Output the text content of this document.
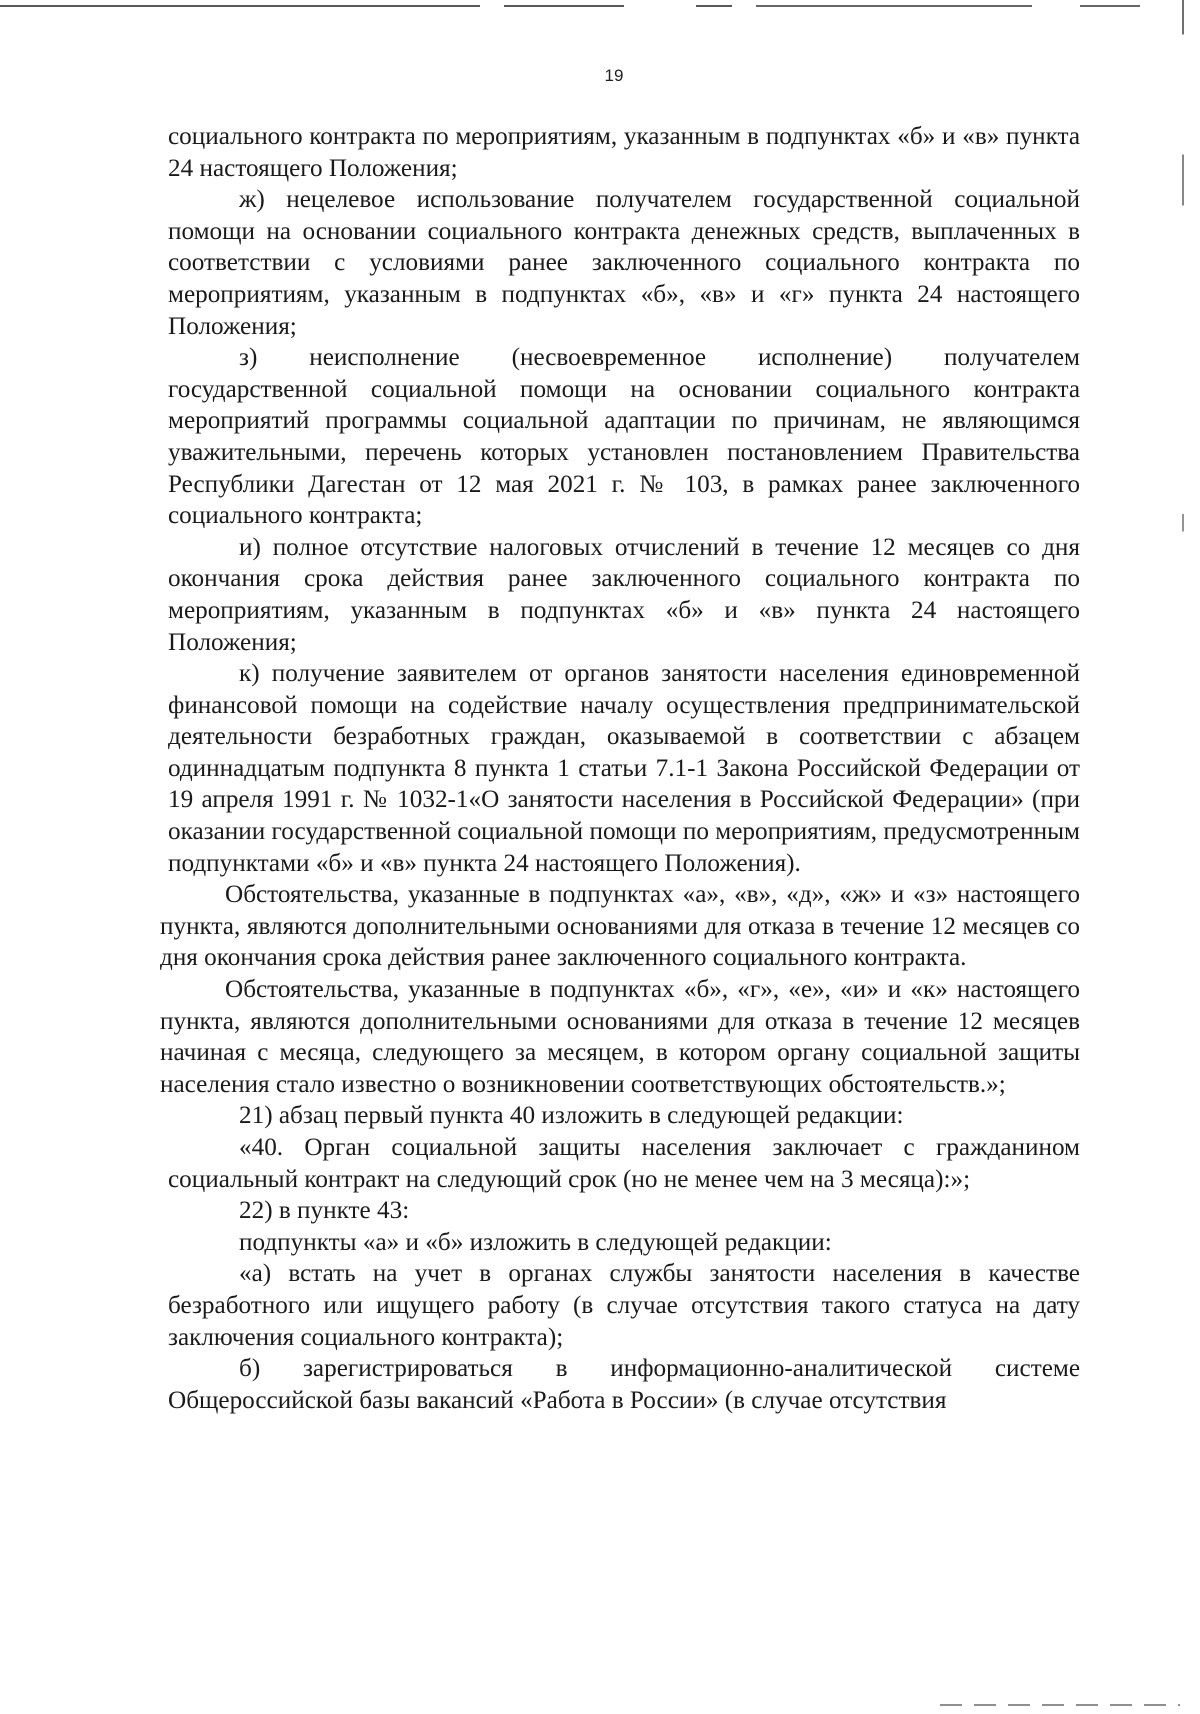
19

социального контракта по мероприятиям, указанным в подпунктах «б» и «в» пункта 24 настоящего Положения;

ж) нецелевое использование получателем государственной социальной помощи на основании социального контракта денежных средств, выплаченных в соответствии с условиями ранее заключенного социального контракта по мероприятиям, указанным в подпунктах «б», «в» и «г» пункта 24 настоящего Положения;

з) неисполнение (несвоевременное исполнение) получателем государственной социальной помощи на основании социального контракта мероприятий программы социальной адаптации по причинам, не являющимся уважительными, перечень которых установлен постановлением Правительства Республики Дагестан от 12 мая 2021 г. № 103, в рамках ранее заключенного социального контракта;

и) полное отсутствие налоговых отчислений в течение 12 месяцев со дня окончания срока действия ранее заключенного социального контракта по мероприятиям, указанным в подпунктах «б» и «в» пункта 24 настоящего Положения;

к) получение заявителем от органов занятости населения единовременной финансовой помощи на содействие началу осуществления предпринимательской деятельности безработных граждан, оказываемой в соответствии с абзацем одиннадцатым подпункта 8 пункта 1 статьи 7.1-1 Закона Российской Федерации от 19 апреля 1991 г. № 1032-1«О занятости населения в Российской Федерации» (при оказании государственной социальной помощи по мероприятиям, предусмотренным подпунктами «б» и «в» пункта 24 настоящего Положения).

Обстоятельства, указанные в подпунктах «а», «в», «д», «ж» и «з» настоящего пункта, являются дополнительными основаниями для отказа в течение 12 месяцев со дня окончания срока действия ранее заключенного социального контракта.

Обстоятельства, указанные в подпунктах «б», «г», «е», «и» и «к» настоящего пункта, являются дополнительными основаниями для отказа в течение 12 месяцев начиная с месяца, следующего за месяцем, в котором органу социальной защиты населения стало известно о возникновении соответствующих обстоятельств.»;

21) абзац первый пункта 40 изложить в следующей редакции:

«40. Орган социальной защиты населения заключает с гражданином социальный контракт на следующий срок (но не менее чем на 3 месяца):»;

22) в пункте 43:

подпункты «а» и «б» изложить в следующей редакции:

«а) встать на учет в органах службы занятости населения в качестве безработного или ищущего работу (в случае отсутствия такого статуса на дату заключения социального контракта);

б) зарегистрироваться в информационно-аналитической системе Общероссийской базы вакансий «Работа в России» (в случае отсутствия
